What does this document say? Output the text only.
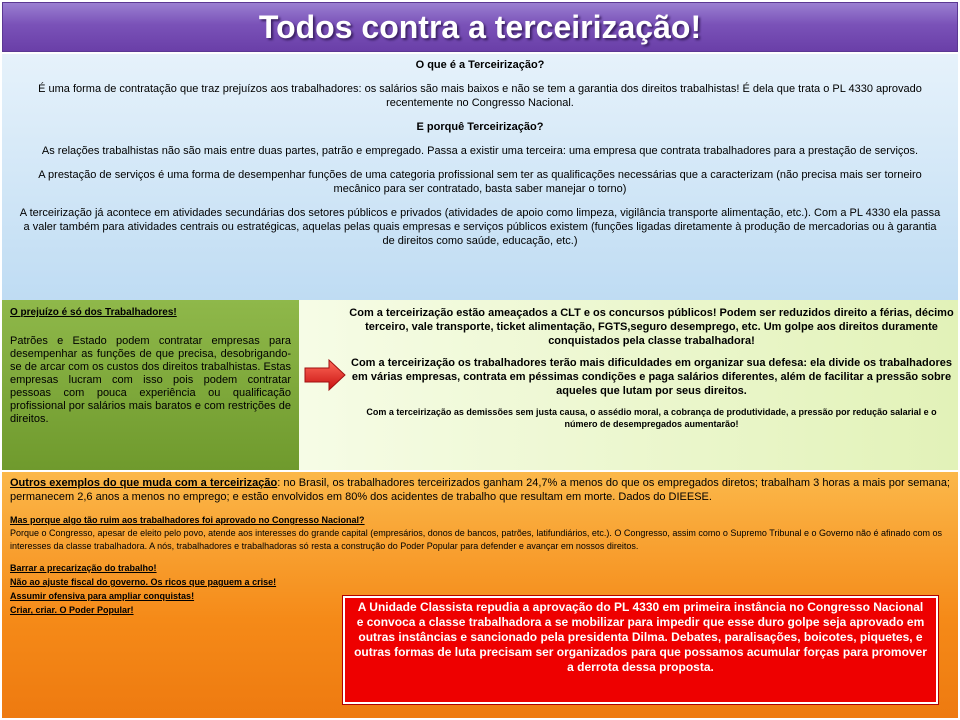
Todos contra a terceirização!

O que é a Terceirização?

É uma forma de contratação que traz prejuízos aos trabalhadores: os salários são mais baixos e não se tem a garantia dos direitos trabalhistas! É dela que trata o PL 4330 aprovado recentemente no Congresso Nacional.

E porquê Terceirização?

As relações trabalhistas não são mais entre duas partes, patrão e empregado. Passa a existir uma terceira: uma empresa que contrata trabalhadores para a prestação de serviços.

A prestação de serviços é uma forma de desempenhar funções de uma categoria profissional sem ter as qualificações necessárias que a caracterizam (não precisa mais ser torneiro mecânico para ser contratado, basta saber manejar o torno)

A terceirização já acontece em atividades secundárias dos setores públicos e privados (atividades de apoio como limpeza, vigilância transporte alimentação, etc.). Com a PL 4330 ela passa a valer também para atividades centrais ou estratégicas, aquelas pelas quais empresas e serviços públicos existem (funções ligadas diretamente à produção de mercadorias ou à garantia de direitos como saúde, educação, etc.)

O prejuízo é só dos Trabalhadores!

Patrões e Estado podem contratar empresas para desempenhar as funções de que precisa, desobrigando-se de arcar com os custos dos direitos trabalhistas. Estas empresas lucram com isso pois podem contratar pessoas com pouca experiência ou qualificação profissional por salários mais baratos e com restrições de direitos.

Com a terceirização estão ameaçados a CLT e os concursos públicos! Podem ser reduzidos direito a férias, décimo terceiro, vale transporte, ticket alimentação, FGTS,seguro desemprego, etc. Um golpe aos direitos duramente conquistados pela classe trabalhadora!

Com a terceirização os trabalhadores terão mais dificuldades em organizar sua defesa: ela divide os trabalhadores em várias empresas, contrata em péssimas condições e paga salários diferentes, além de facilitar a pressão sobre aqueles que lutam por seus direitos.

Com a terceirização as demissões sem justa causa, o assédio moral, a cobrança de produtividade, a pressão por redução salarial e o número de desempregados aumentarão!

Outros exemplos do que muda com a terceirização: no Brasil, os trabalhadores terceirizados ganham 24,7% a menos do que os empregados diretos; trabalham 3 horas a mais por semana; permanecem 2,6 anos a menos no emprego; e estão envolvidos em 80% dos acidentes de trabalho que resultam em morte. Dados do DIEESE.

Mas porque algo tão ruim aos trabalhadores foi aprovado no Congresso Nacional?
Porque o Congresso, apesar de eleito pelo povo, atende aos interesses do grande capital (empresários, donos de bancos, patrões, latifundiários, etc.). O Congresso, assim como o Supremo Tribunal e o Governo não é afinado com os interesses da classe trabalhadora. A nós, trabalhadores e trabalhadoras só resta a construção do Poder Popular para defender e avançar em nossos direitos.

Barrar a precarização do trabalho!
Não ao ajuste fiscal do governo. Os ricos que paguem a crise!
Assumir ofensiva para ampliar conquistas!
Criar, criar. O Poder Popular!	A Unidade Classista repudia a aprovação do PL 4330 em primeira instância no Congresso Nacional e convoca a classe trabalhadora a se mobilizar para impedir que esse duro golpe seja aprovado em outras instâncias e sancionado pela presidenta Dilma. Debates, paralisações, boicotes, piquetes, e outras formas de luta precisam ser organizados para que possamos acumular forças para promover a derrota dessa proposta.
